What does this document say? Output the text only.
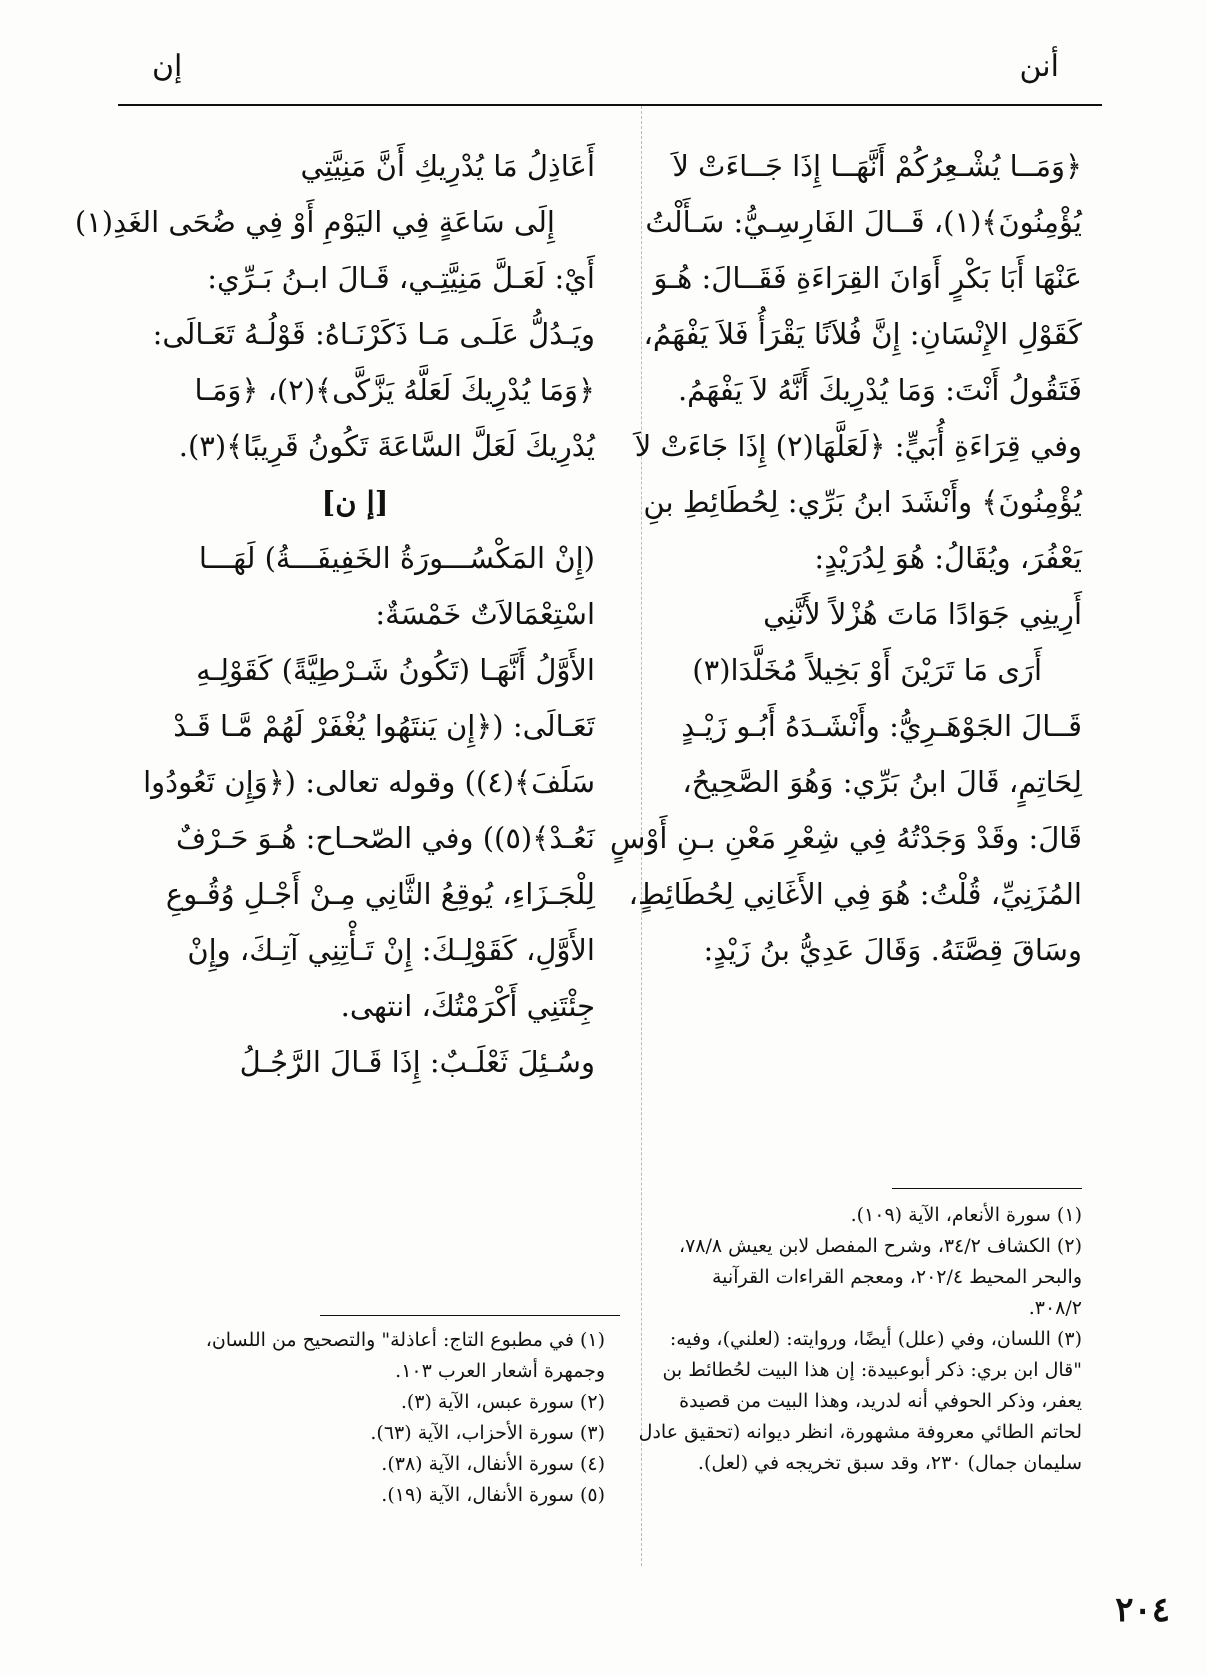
أنن
إن
﴿وَمَــا يُشْـعِرُكُمْ أَنَّهَــا إِذَا جَــاءَتْ لاَ
يُؤْمِنُونَ﴾(١)، قَــالَ الفَارِسِـيُّ: سَـأَلْتُ
عَنْهَا أَبَا بَكْرٍ أَوَانَ القِرَاءَةِ فَقَــالَ: هُـوَ
كَقَوْلِ الإِنْسَانِ: إِنَّ فُلاَنًا يَقْرَأُ فَلاَ يَفْهَمُ،
فَتَقُولُ أَنْتَ: وَمَا يُدْرِيكَ أَنَّهُ لاَ يَفْهَمُ.
وفي قِرَاءَةِ أُبَيٍّ: ﴿لَعَلَّهَا(٢) إِذَا جَاءَتْ لاَ
يُؤْمِنُونَ﴾ وأَنْشَدَ ابنُ بَرِّي: لِحُطَائِطِ بنِ
يَعْفُرَ، ويُقَالُ: هُوَ لِدُرَيْدٍ:
أَرِينِي جَوَادًا مَاتَ هُزْلاً لأَنَّنِي
أَرَى مَا تَرَيْنَ أَوْ بَخِيلاً مُخَلَّدَا(٣)
قَــالَ الجَوْهَـرِيُّ: وأَنْشَـدَهُ أَبُـو زَيْـدٍ
لِحَاتِمٍ، قَالَ ابنُ بَرِّي: وَهُوَ الصَّحِيحُ،
قَالَ: وقَدْ وَجَدْتُهُ فِي شِعْرِ مَعْنِ بـنِ أَوْسٍ
المُزَنِيِّ، قُلْتُ: هُوَ فِي الأَغَانِي لِحُطَائِطٍ،
وسَاقَ قِصَّتَهُ. وَقَالَ عَدِيُّ بنُ زَيْدٍ:
أَعَاذِلُ مَا يُدْرِيكِ أَنَّ مَنِيَّتِي
إِلَى سَاعَةٍ فِي اليَوْمِ أَوْ فِي ضُحَى الغَدِ(١)
أَيْ: لَعَـلَّ مَنِيَّتِـي، قَـالَ ابـنُ بَـرِّي:
ويَـدُلُّ عَلَـى مَـا ذَكَرْنَـاهُ: قَوْلُـهُ تَعَـالَى:
﴿وَمَا يُدْرِيكَ لَعَلَّهُ يَزَّكَّى﴾(٢)، ﴿وَمَـا
يُدْرِيكَ لَعَلَّ السَّاعَةَ تَكُونُ قَرِيبًا﴾(٣).
[إ ن]
(إِنْ المَكْسُـــورَةُ الخَفِيفَـــةُ) لَهَـــا
اسْتِعْمَالاَتٌ خَمْسَةٌ:
الأَوَّلُ أَنَّهَـا (تَكُونُ شَـرْطِيَّةً) كَقَوْلِـهِ
تَعَـالَى: (﴿إِن يَنتَهُوا يُغْفَرْ لَهُمْ مَّـا قَـدْ
سَلَفَ﴾(٤)) وقوله تعالى: (﴿وَإِن تَعُودُوا
نَعُـدْ﴾(٥)) وفي الصّحـاح: هُـوَ حَـرْفٌ
لِلْجَـزَاءِ، يُوقِعُ الثَّانِي مِـنْ أَجْـلِ وُقُـوعِ
الأَوَّلِ، كَقَوْلِـكَ: إِنْ تَـأْتِنِي آتِـكَ، وإِنْ
جِئْتَنِي أَكْرَمْتُكَ، انتهى.
وسُـئِلَ ثَعْلَـبٌ: إِذَا قَـالَ الرَّجُـلُ
(١) سورة الأنعام، الآية (١٠٩).
(٢) الكشاف ٣٤/٢، وشرح المفصل لابن يعيش ٧٨/٨،
والبحر المحيط ٢٠٢/٤، ومعجم القراءات القرآنية
٣٠٨/٢.
(٣) اللسان، وفي (علل) أيضًا، وروايته: (لعلني)، وفيه:
"قال ابن بري: ذكر أبوعبيدة: إن هذا البيت لحُطائط بن
يعفر، وذكر الحوفي أنه لدريد، وهذا البيت من قصيدة
لحاتم الطائي معروفة مشهورة، انظر ديوانه (تحقيق عادل
سليمان جمال) ٢٣٠، وقد سبق تخريجه في (لعل).
(١) في مطبوع التاج: أعاذلة" والتصحيح من اللسان،
وجمهرة أشعار العرب ١٠٣.
(٢) سورة عبس، الآية (٣).
(٣) سورة الأحزاب، الآية (٦٣).
(٤) سورة الأنفال، الآية (٣٨).
(٥) سورة الأنفال، الآية (١٩).
٢٠٤
